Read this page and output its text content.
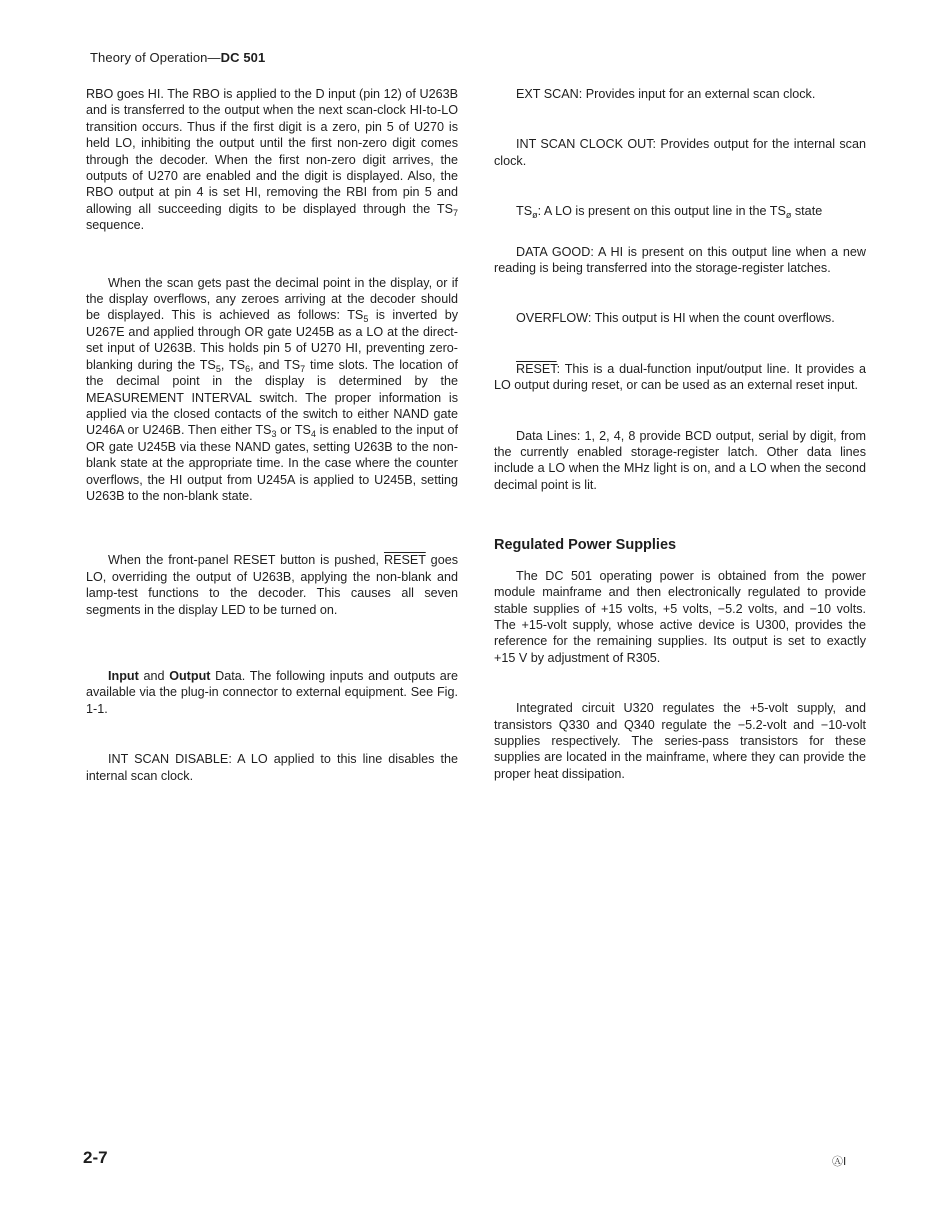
Theory of Operation—DC 501

RBO goes HI. The RBO is applied to the D input (pin 12) of U263B and is transferred to the output when the next scan-clock HI-to-LO transition occurs. Thus if the first digit is a zero, pin 5 of U270 is held LO, inhibiting the output until the first non-zero digit comes through the decoder. When the first non-zero digit arrives, the outputs of U270 are enabled and the digit is displayed. Also, the RBO output at pin 4 is set HI, removing the RBI from pin 5 and allowing all succeeding digits to be displayed through the $TS_7$ sequence.

When the scan gets past the decimal point in the display, or if the display overflows, any zeroes arriving at the decoder should be displayed. This is achieved as follows: $TS_5$ is inverted by U267E and applied through OR gate U245B as a LO at the direct-set input of U263B. This holds pin 5 of U270 HI, preventing zero-blanking during the $TS_5$, $TS_6$, and $TS_7$ time slots. The location of the decimal point in the display is determined by the MEASUREMENT INTERVAL switch. The proper information is applied via the closed contacts of the switch to either NAND gate U246A or U246B. Then either $TS_3$ or $TS_4$ is enabled to the input of OR gate U245B via these NAND gates, setting U263B to the non-blank state at the appropriate time. In the case where the counter overflows, the HI output from U245A is applied to U245B, setting U263B to the non-blank state.

When the front-panel RESET button is pushed, RESET goes LO, overriding the output of U263B, applying the non-blank and lamp-test functions to the decoder. This causes all seven segments in the display LED to be turned on.

Input and Output Data. The following inputs and outputs are available via the plug-in connector to external equipment. See Fig. 1-1.

INT SCAN DISABLE: A LO applied to this line disables the internal scan clock.

EXT SCAN: Provides input for an external scan clock.

INT SCAN CLOCK OUT: Provides output for the internal scan clock.

$TS_ø$: A LO is present on this output line in the $TS_ø$ state

DATA GOOD: A HI is present on this output line when a new reading is being transferred into the storage-register latches.

OVERFLOW: This output is HI when the count overflows.

RESET: This is a dual-function input/output line. It provides a LO output during reset, or can be used as an external reset input.

Data Lines: 1, 2, 4, 8 provide BCD output, serial by digit, from the currently enabled storage-register latch. Other data lines include a LO when the MHz light is on, and a LO when the second decimal point is lit.

Regulated Power Supplies

The DC 501 operating power is obtained from the power module mainframe and then electronically regulated to provide stable supplies of +15 volts, +5 volts, −5.2 volts, and −10 volts. The +15-volt supply, whose active device is U300, provides the reference for the remaining supplies. Its output is set to exactly +15 V by adjustment of R305.

Integrated circuit U320 regulates the +5-volt supply, and transistors Q330 and Q340 regulate the −5.2-volt and −10-volt supplies respectively. The series-pass transistors for these supplies are located in the mainframe, where they can provide the proper heat dissipation.

2-7	ⒶⅠ
